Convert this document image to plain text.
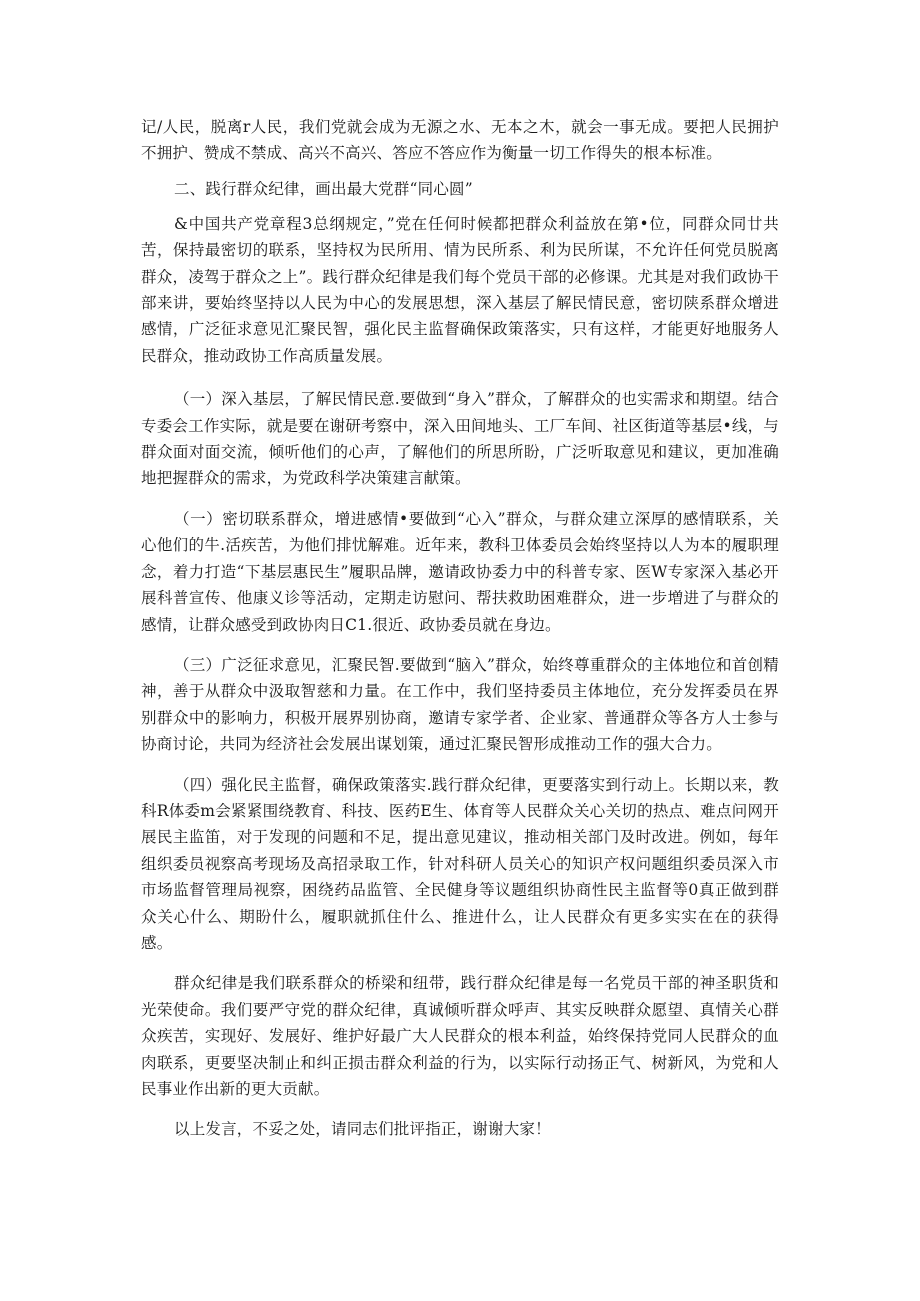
记/人民，脱离r人民，我们党就会成为无源之水、无本之木，就会一事无成。要把人民拥护不拥护、赞成不禁成、高兴不高兴、答应不答应作为衡量一切工作得失的根本标准。

二、践行群众纪律，画出最大党群“同心圆”

&中国共产党章程3总纲规定，”党在任何时候都把群众利益放在第•位，同群众同廿共苦，保持最密切的联系，坚持权为民所用、情为民所系、利为民所谋，不允许任何党员脱离群众，凌驾于群众之上”。践行群众纪律是我们每个党员干部的必修课。尤其是对我们政协干部来讲，要始终坚持以人民为中心的发展思想，深入基层了解民情民意，密切陕系群众增进感情，广泛征求意见汇聚民智，强化民主监督确保政策落实，只有这样，才能更好地服务人民群众，推动政协工作高质量发展。

（一）深入基层，了解民情民意.要做到“身入”群众，了解群众的也实需求和期望。结合专委会工作实际，就是要在谢研考察中，深入田间地头、工厂车间、社区街道等基层•线，与群众面对面交流，倾听他们的心声，了解他们的所思所盼，广泛听取意见和建议，更加准确地把握群众的需求，为党政科学决策建言献策。

（一）密切联系群众，增进感情•要做到“心入”群众，与群众建立深厚的感情联系，关心他们的牛.活疾苦，为他们排忧解难。近年来，教科卫体委员会始终坚持以人为本的履职理念，着力打造“下基层惠民生”履职品牌，邀请政协委力中的科普专家、医W专家深入基必开展科普宣传、他康义诊等活动，定期走访慰问、帮扶救助困难群众，进一步増进了与群众的感情，让群众感受到政协肉日C1.很近、政协委员就在身边。

（三）广泛征求意见，汇聚民智.要做到“脑入”群众，始终尊重群众的主体地位和首创精神，善于从群众中汲取智慈和力量。在工作中，我们坚持委员主体地位，充分发挥委员在界别群众中的影响力，积极开展界别协商，邀请专家学者、企业家、普通群众等各方人士参与协商讨论，共同为经济社会发展出谋划策，通过汇聚民智形成推动工作的强大合力。

（四）强化民主监督，确保政策落实.践行群众纪律，更要落实到行动上。长期以来，教科R体委m会紧紧围绕教育、科技、医药E生、体育等人民群众关心关切的热点、难点问网开展民主监笛，对于发现的问题和不足，提出意见建议，推动相关部门及时改进。例如，每年组织委员视察高考现场及高招录取工作，针对科研人员关心的知识产权问题组织委员深入市市场监督管理局视察，困绕药品监管、全民健身等议题组织协商性民主监督等0真正做到群众关心什么、期盼什么，履职就抓住什么、推进什么，让人民群众有更多实实在在的获得感。

群众纪律是我们联系群众的桥梁和纽带，践行群众纪律是每一名党员干部的神圣职货和光荣使命。我们要严守党的群众纪律，真诚倾听群众呼声、其实反映群众愿望、真情关心群众疾苦，实现好、发展好、维护好最广大人民群众的根本利益，始终保持党同人民群众的血肉联系，更要坚决制止和纠正损击群众利益的行为，以实际行动扬正气、树新风，为党和人民事业作出新的更大贡献。

以上发言，不妥之处，请同志们批评指正，谢谢大家！
